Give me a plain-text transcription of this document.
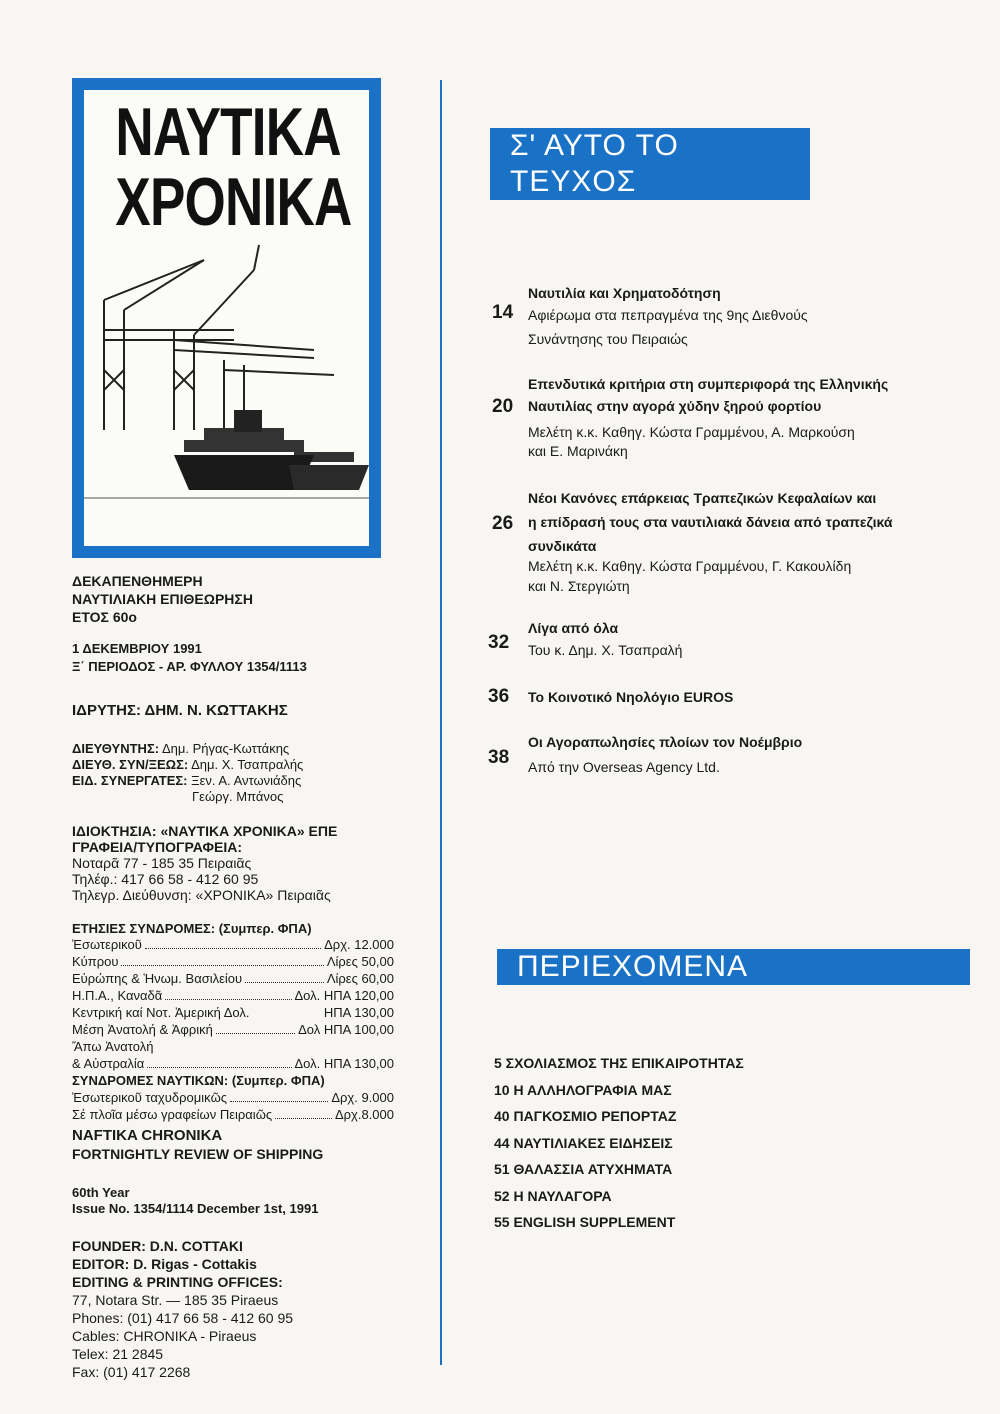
ΝΑΥΤΙΚΑ
ΧΡΟΝΙΚΑ
ΔΕΚΑΠΕΝΘΗΜΕΡΗ
ΝΑΥΤΙΛΙΑΚΗ ΕΠΙΘΕΩΡΗΣΗ
ΕΤΟΣ 60ο
1 ΔΕΚΕΜΒΡΙΟΥ 1991
Ξ΄ ΠΕΡΙΟΔΟΣ - ΑΡ. ΦΥΛΛΟΥ 1354/1113
ΙΔΡΥΤΗΣ: ΔΗΜ. Ν. ΚΩΤΤΑΚΗΣ
ΔΙΕΥΘΥΝΤΗΣ: Δημ. Ρήγας-Κωττάκης
ΔΙΕΥΘ. ΣΥΝ/ΞΕΩΣ: Δημ. Χ. Τσαπραλής
ΕΙΔ. ΣΥΝΕΡΓΑΤΕΣ: Ξεν. Α. Αντωνιάδης
Γεώργ. Μπάνος
ΙΔΙΟΚΤΗΣΙΑ: «ΝΑΥΤΙΚΑ ΧΡΟΝΙΚΑ» ΕΠΕ
ΓΡΑΦΕΙΑ/ΤΥΠΟΓΡΑΦΕΙΑ:
Νοταρᾶ 77 - 185 35 Πειραιᾶς
Τηλέφ.: 417 66 58 - 412 60 95
Τηλεγρ. Διεύθυνση: «ΧΡΟΝΙΚΑ» Πειραιᾶς
ΕΤΗΣΙΕΣ ΣΥΝΔΡΟΜΕΣ: (Συμπερ. ΦΠΑ)
Ἐσωτερικοῦ	Δρχ. 12.000
Κύπρου	Λίρες 50,00
Εὐρώπης & Ἡνωμ. Βασιλείου	Λίρες 60,00
Η.Π.Α., Καναδᾶ	Δολ. ΗΠΑ 120,00
Κεντρική καί Νοτ. Ἀμερική Δολ.	ΗΠΑ 130,00
Μέση Ἀνατολή & Ἀφρική	Δολ ΗΠΑ 100,00
Ἄπω Ἀνατολή
& Αὐστραλία	Δολ. ΗΠΑ 130,00
ΣΥΝΔΡΟΜΕΣ ΝΑΥΤΙΚΩΝ: (Συμπερ. ΦΠΑ)
Ἐσωτερικοῦ ταχυδρομικῶς	Δρχ. 9.000
Σέ πλοῖα μέσω γραφείων Πειραιῶς	Δρχ.8.000
NAFTIKA CHRONIKA
FORTNIGHTLY REVIEW OF SHIPPING
60th Year
Issue No. 1354/1114 December 1st, 1991
FOUNDER: D.N. COTTAKI
EDITOR: D. Rigas - Cottakis
EDITING & PRINTING OFFICES:
77, Notara Str. — 185 35 Piraeus
Phones: (01) 417 66 58 - 412 60 95
Cables: CHRONIKA - Piraeus
Telex: 21 2845
Fax: (01) 417 2268
Σ' ΑΥΤΟ ΤΟ ΤΕΥΧΟΣ
Ναυτιλία και Χρηματοδότηση
14 Αφιέρωμα στα πεπραγμένα της 9ης Διεθνούς
Συνάντησης του Πειραιώς
Επενδυτικά κριτήρια στη συμπεριφορά της Ελληνικής
20 Ναυτιλίας στην αγορά χύδην ξηρού φορτίου
Μελέτη κ.κ. Καθηγ. Κώστα Γραμμένου, Α. Μαρκούση
και Ε. Μαρινάκη
Νέοι Κανόνες επάρκειας Τραπεζικών Κεφαλαίων και
26 η επίδρασή τους στα ναυτιλιακά δάνεια από τραπεζικά
συνδικάτα
Μελέτη κ.κ. Καθηγ. Κώστα Γραμμένου, Γ. Κακουλίδη
και Ν. Στεργιώτη
Λίγα από όλα
32 Του κ. Δημ. Χ. Τσαπραλή
36 Το Κοινοτικό Νηολόγιο EUROS
Οι Αγοραπωλησίες πλοίων τον Νοέμβριο
38 Από την Overseas Agency Ltd.
ΠΕΡΙΕΧΟΜΕΝΑ
5 ΣΧΟΛΙΑΣΜΟΣ ΤΗΣ ΕΠΙΚΑΙΡΟΤΗΤΑΣ
10 Η ΑΛΛΗΛΟΓΡΑΦΙΑ ΜΑΣ
40 ΠΑΓΚΟΣΜΙΟ ΡΕΠΟΡΤΑΖ
44 ΝΑΥΤΙΛΙΑΚΕΣ ΕΙΔΗΣΕΙΣ
51 ΘΑΛΑΣΣΙΑ ΑΤΥΧΗΜΑΤΑ
52 Η ΝΑΥΛΑΓΟΡΑ
55 ENGLISH SUPPLEMENT
